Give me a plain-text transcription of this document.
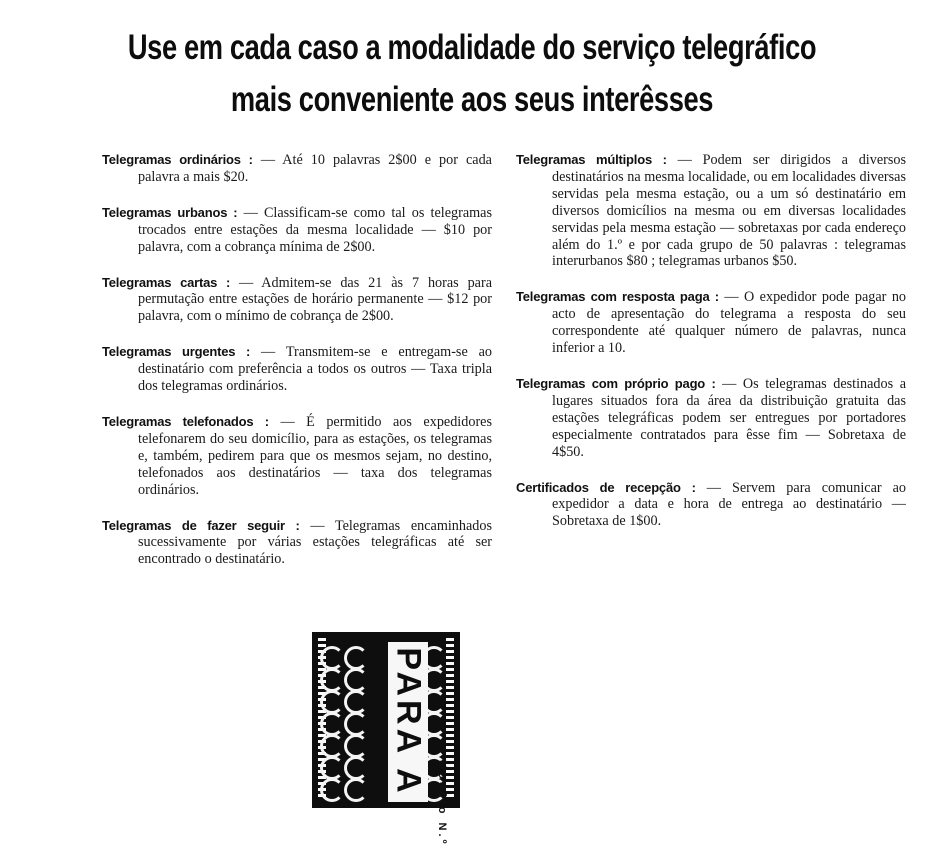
Use em cada caso a modalidade do serviço telegráfico
mais conveniente aos seus interêsses

Telegramas ordinários : — Até 10 palavras 2$00 e por cada palavra a mais $20.

Telegramas urbanos : — Classificam-se como tal os telegramas trocados entre estações da mesma localidade — $10 por palavra, com a cobrança mínima de 2$00.

Telegramas cartas : — Admitem-se das 21 às 7 horas para permutação entre estações de horário permanente — $12 por palavra, com o mínimo de cobrança de 2$00.

Telegramas urgentes : — Transmitem-se e entregam-se ao destinatário com preferência a todos os outros — Taxa tripla dos telegramas ordinários.

Telegramas telefonados : — É permitido aos expedidores telefonarem do seu domicílio, para as estações, os telegramas e, também, pedirem para que os mesmos sejam, no destino, telefonados aos destinatários — taxa dos telegramas ordinários.

Telegramas de fazer seguir : — Telegramas encaminhados sucessivamente por várias estações telegráficas até ser encontrado o destinatário.

Telegramas múltiplos : — Podem ser dirigidos a diversos destinatários na mesma localidade, ou em localidades diversas servidas pela mesma estação, ou a um só destinatário em diversos domicílios na mesma ou em diversas localidades servidas pela mesma estação — sobretaxas por cada endereço além do 1.º e por cada grupo de 50 palavras : telegramas interurbanos $80 ; telegramas urbanos $50.

Telegramas com resposta paga : — O expedidor pode pagar no acto de apresentação do telegrama a resposta do seu correspondente até qualquer número de palavras, nunca inferior a 10.

Telegramas com próprio pago : — Os telegramas destinados a lugares situados fora da área da distribuição gratuita das estações telegráficas podem ser entregues por portadores especialmente contratados para êsse fim — Sobretaxa de 4$50.

Certificados de recepção : — Servem para comunicar ao expedidor a data e hora de entrega ao destinatário — Sobretaxa de 1$00.

PARA A
Modêlo N.º
